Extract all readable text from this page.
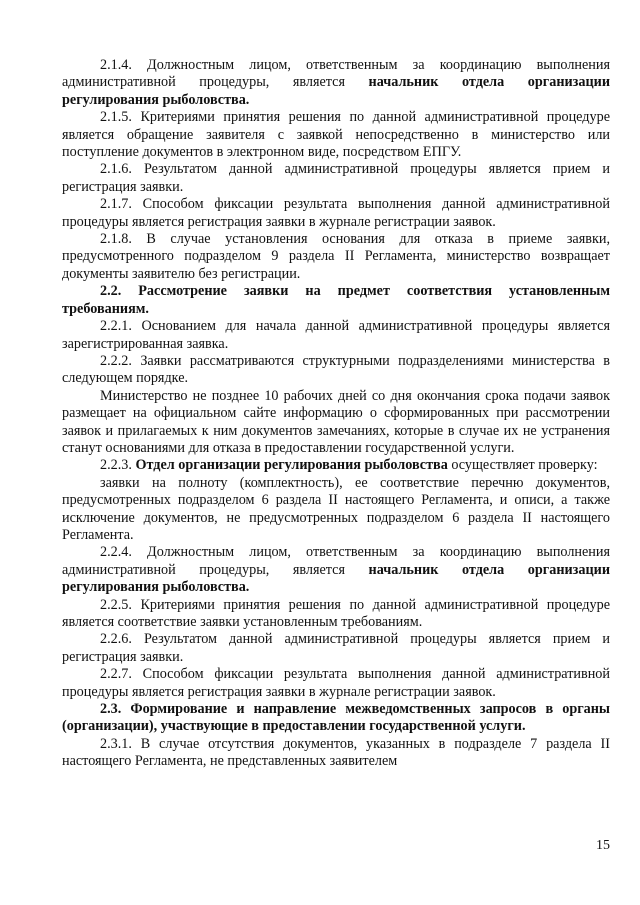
2.1.4. Должностным лицом, ответственным за координацию выполнения административной процедуры, является начальник отдела организации регулирования рыболовства.

2.1.5. Критериями принятия решения по данной административной процедуре является обращение заявителя с заявкой непосредственно в министерство или поступление документов в электронном виде, посредством ЕПГУ.

2.1.6. Результатом данной административной процедуры является прием и регистрация заявки.

2.1.7. Способом фиксации результата выполнения данной административной процедуры является регистрация заявки в журнале регистрации заявок.

2.1.8. В случае установления основания для отказа в приеме заявки, предусмотренного подразделом 9 раздела II Регламента, министерство возвращает документы заявителю без регистрации.

2.2. Рассмотрение заявки на предмет соответствия установленным требованиям.

2.2.1. Основанием для начала данной административной процедуры является зарегистрированная заявка.

2.2.2. Заявки рассматриваются структурными подразделениями министерства в следующем порядке.

Министерство не позднее 10 рабочих дней со дня окончания срока подачи заявок размещает на официальном сайте информацию о сформированных при рассмотрении заявок и прилагаемых к ним документов замечаниях, которые в случае их не устранения станут основаниями для отказа в предоставлении государственной услуги.

2.2.3. Отдел организации регулирования рыболовства осуществляет проверку:

заявки на полноту (комплектность), ее соответствие перечню документов, предусмотренных подразделом 6 раздела II настоящего Регламента, и описи, а также исключение документов, не предусмотренных подразделом 6 раздела II настоящего Регламента.

2.2.4. Должностным лицом, ответственным за координацию выполнения административной процедуры, является начальник отдела организации регулирования рыболовства.

2.2.5. Критериями принятия решения по данной административной процедуре является соответствие заявки установленным требованиям.

2.2.6. Результатом данной административной процедуры является прием и регистрация заявки.

2.2.7. Способом фиксации результата выполнения данной административной процедуры является регистрация заявки в журнале регистрации заявок.

2.3. Формирование и направление межведомственных запросов в органы (организации), участвующие в предоставлении государственной услуги.

2.3.1. В случае отсутствия документов, указанных в подразделе 7 раздела II настоящего Регламента, не представленных заявителем

15
